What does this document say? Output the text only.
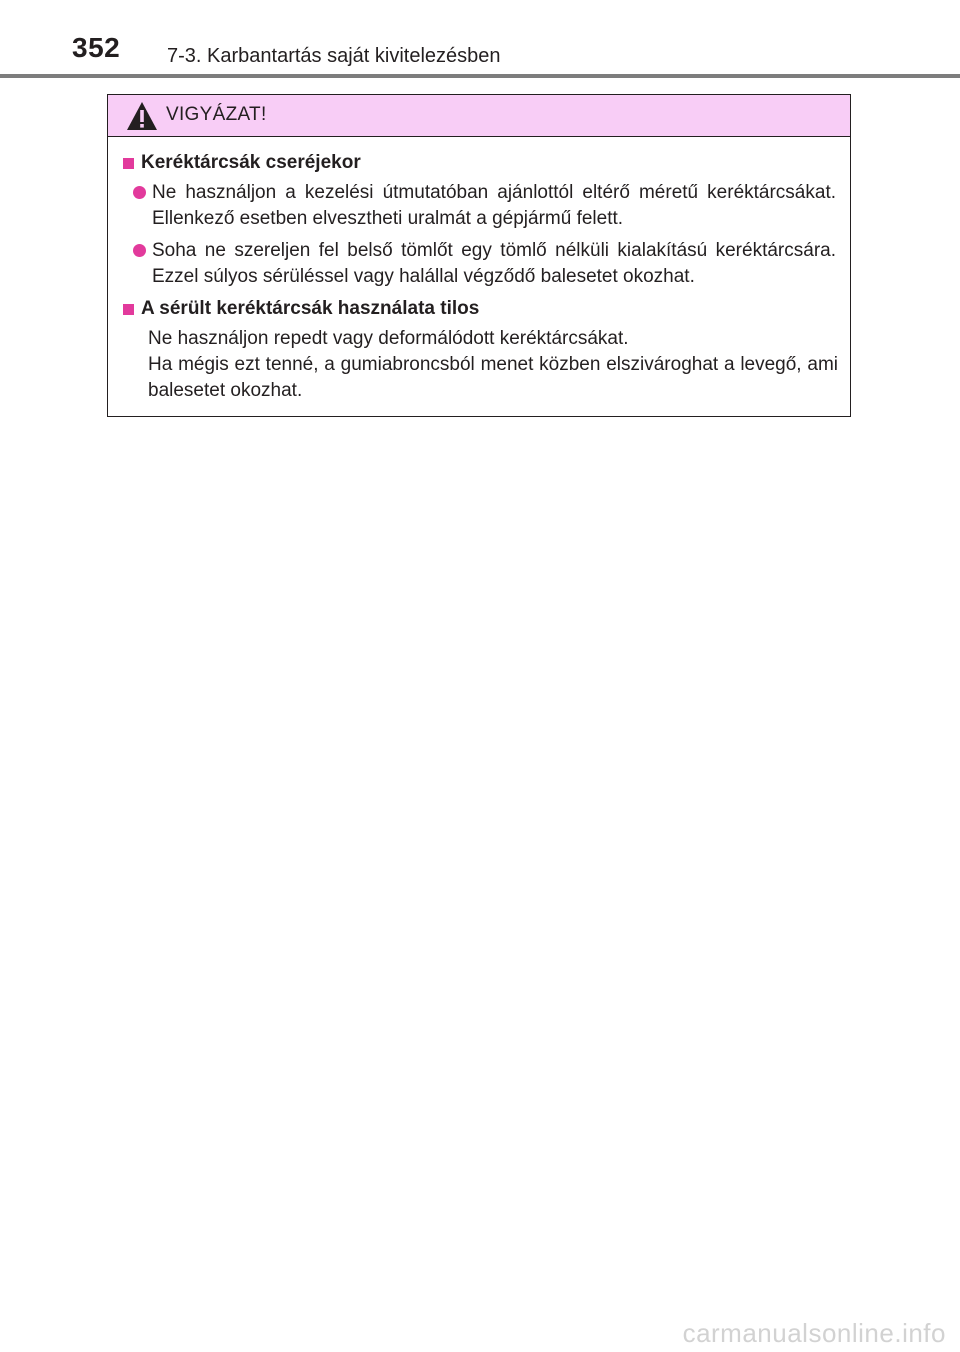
352 7-3. Karbantartás saját kivitelezésben
VIGYÁZAT!
Keréktárcsák cseréjekor
Ne használjon a kezelési útmutatóban ajánlottól eltérő méretű keréktárcsákat. Ellenkező esetben elvesztheti uralmát a gépjármű felett.
Soha ne szereljen fel belső tömlőt egy tömlő nélküli kialakítású keréktárcsára. Ezzel súlyos sérüléssel vagy halállal végződő balesetet okozhat.
A sérült keréktárcsák használata tilos
Ne használjon repedt vagy deformálódott keréktárcsákat.
Ha mégis ezt tenné, a gumiabroncsból menet közben elszivároghat a levegő, ami balesetet okozhat.
carmanualsonline.info
